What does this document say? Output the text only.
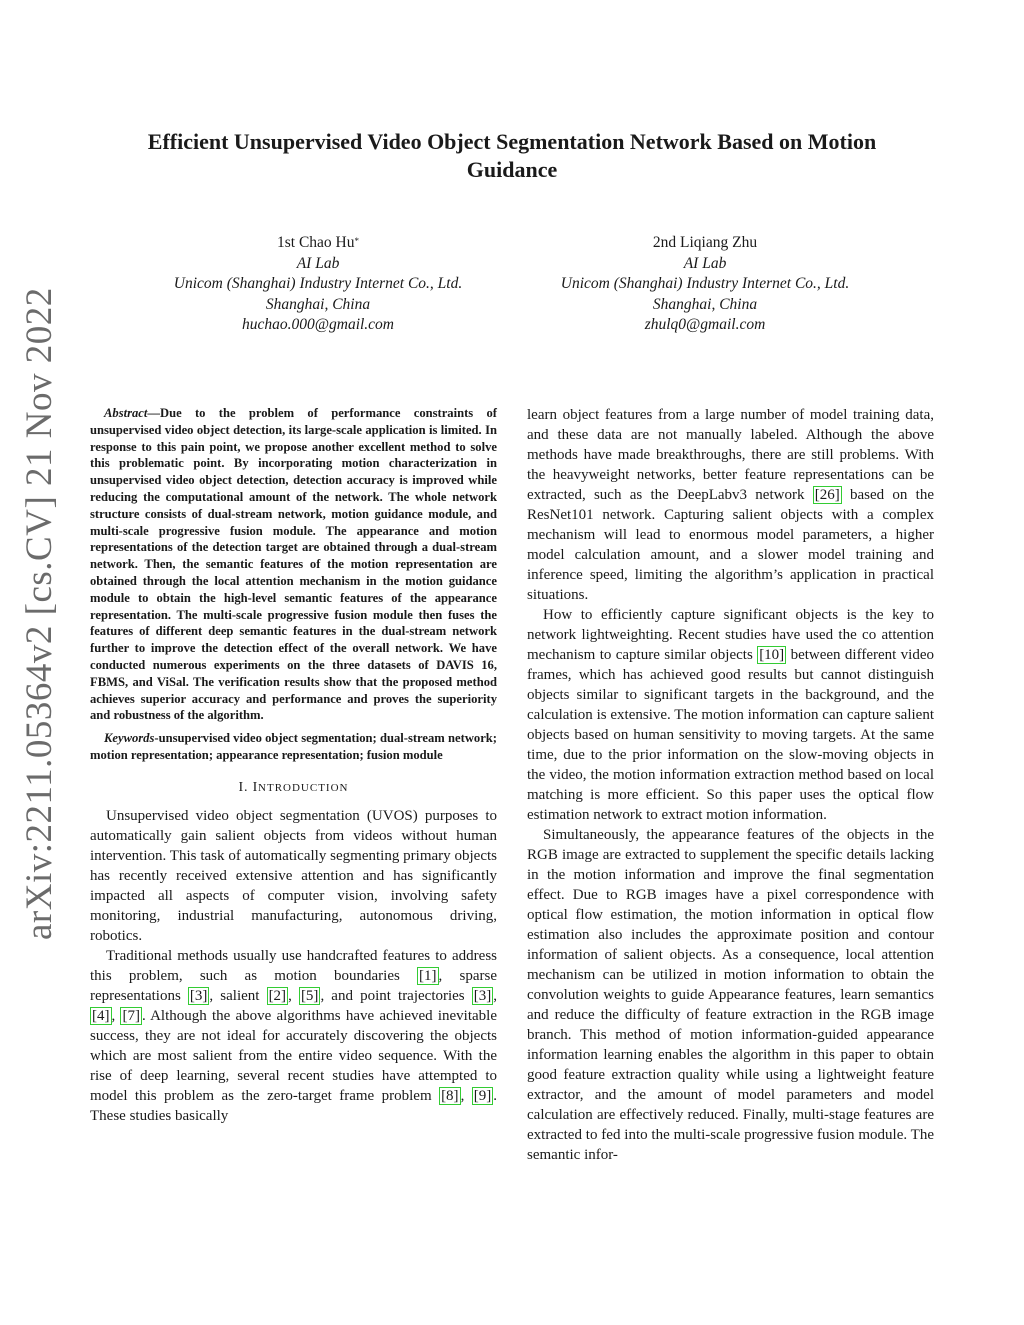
arXiv:2211.05364v2 [cs.CV] 21 Nov 2022
Efficient Unsupervised Video Object Segmentation Network Based on Motion Guidance
1st Chao Hu*
AI Lab
Unicom (Shanghai) Industry Internet Co., Ltd.
Shanghai, China
huchao.000@gmail.com
2nd Liqiang Zhu
AI Lab
Unicom (Shanghai) Industry Internet Co., Ltd.
Shanghai, China
zhulq0@gmail.com

Abstract—Due to the problem of performance constraints of unsupervised video object detection, its large-scale application is limited. In response to this pain point, we propose another excellent method to solve this problematic point. By incorporating motion characterization in unsupervised video object detection, detection accuracy is improved while reducing the computational amount of the network. The whole network structure consists of dual-stream network, motion guidance module, and multi-scale progressive fusion module. The appearance and motion representations of the detection target are obtained through a dual-stream network. Then, the semantic features of the motion representation are obtained through the local attention mechanism in the motion guidance module to obtain the high-level semantic features of the appearance representation. The multi-scale progressive fusion module then fuses the features of different deep semantic features in the dual-stream network further to improve the detection effect of the overall network. We have conducted numerous experiments on the three datasets of DAVIS 16, FBMS, and ViSal. The verification results show that the proposed method achieves superior accuracy and performance and proves the superiority and robustness of the algorithm.

Keywords-unsupervised video object segmentation; dual-stream network; motion representation; appearance representation; fusion module

I. INTRODUCTION

Unsupervised video object segmentation (UVOS) purposes to automatically gain salient objects from videos without human intervention. This task of automatically segmenting primary objects has recently received extensive attention and has significantly impacted all aspects of computer vision, involving safety monitoring, industrial manufacturing, autonomous driving, robotics.

Traditional methods usually use handcrafted features to address this problem, such as motion boundaries [1] , sparse representations [3] , salient [2] , [5] , and point trajectories [3] , [4] , [7] . Although the above algorithms have achieved inevitable success, they are not ideal for accurately discovering the objects which are most salient from the entire video sequence. With the rise of deep learning, several recent studies have attempted to model this problem as the zero-target frame problem [8] , [9] . These studies basically

learn object features from a large number of model training data, and these data are not manually labeled. Although the above methods have made breakthroughs, there are still problems. With the heavyweight networks, better feature representations can be extracted, such as the DeepLabv3 network [26] based on the ResNet101 network. Capturing salient objects with a complex mechanism will lead to enormous model parameters, a higher model calculation amount, and a slower model training and inference speed, limiting the algorithm’s application in practical situations.

How to efficiently capture significant objects is the key to network lightweighting. Recent studies have used the co attention mechanism to capture similar objects [10] between different video frames, which has achieved good results but cannot distinguish objects similar to significant targets in the background, and the calculation is extensive. The motion information can capture salient objects based on human sensitivity to moving targets. At the same time, due to the prior information on the slow-moving objects in the video, the motion information extraction method based on local matching is more efficient. So this paper uses the optical flow estimation network to extract motion information.

Simultaneously, the appearance features of the objects in the RGB image are extracted to supplement the specific details lacking in the motion information and improve the final segmentation effect. Due to RGB images have a pixel correspondence with optical flow estimation, the motion information in optical flow estimation also includes the approximate position and contour information of salient objects. As a consequence, local attention mechanism can be utilized in motion information to obtain the convolution weights to guide Appearance features, learn semantics and reduce the difficulty of feature extraction in the RGB image branch. This method of motion information-guided appearance information learning enables the algorithm in this paper to obtain good feature extraction quality while using a lightweight feature extractor, and the amount of model parameters and model calculation are effectively reduced. Finally, multi-stage features are extracted to fed into the multi-scale progressive fusion module. The semantic infor-
